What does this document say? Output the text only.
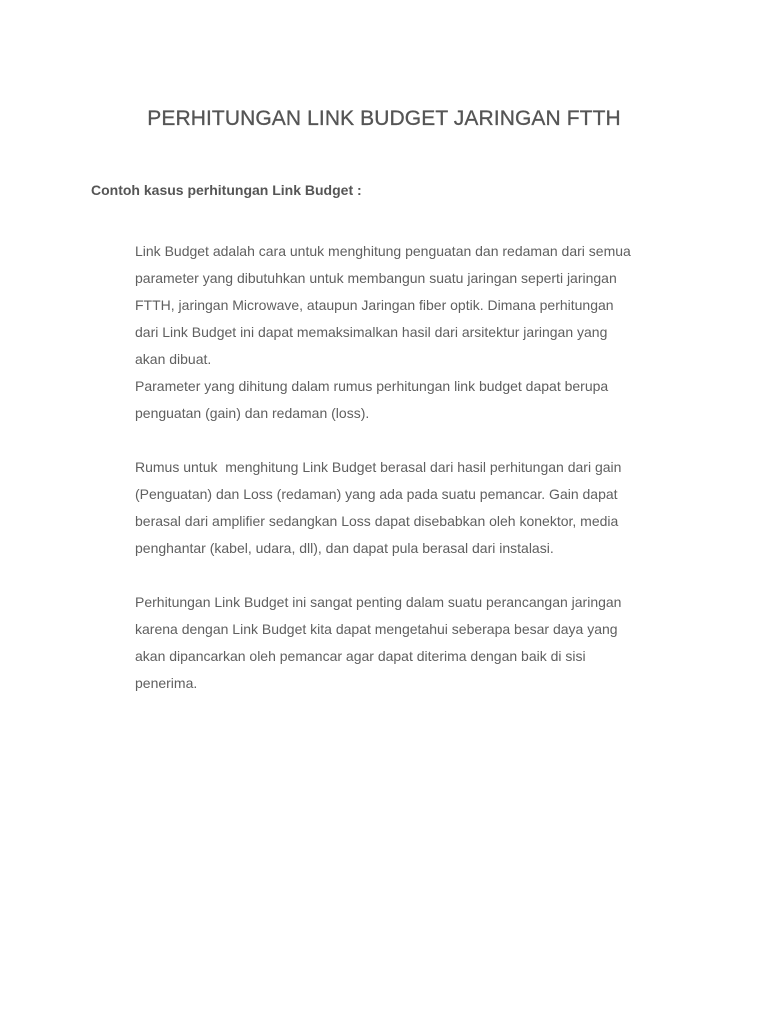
PERHITUNGAN LINK BUDGET JARINGAN FTTH

Contoh kasus perhitungan Link Budget :

Link Budget adalah cara untuk menghitung penguatan dan redaman dari semua

parameter yang dibutuhkan untuk membangun suatu jaringan seperti jaringan

FTTH, jaringan Microwave, ataupun Jaringan fiber optik. Dimana perhitungan

dari Link Budget ini dapat memaksimalkan hasil dari arsitektur jaringan yang

akan dibuat.

Parameter yang dihitung dalam rumus perhitungan link budget dapat berupa

penguatan (gain) dan redaman (loss).

Rumus untuk  menghitung Link Budget berasal dari hasil perhitungan dari gain

(Penguatan) dan Loss (redaman) yang ada pada suatu pemancar. Gain dapat

berasal dari amplifier sedangkan Loss dapat disebabkan oleh konektor, media

penghantar (kabel, udara, dll), dan dapat pula berasal dari instalasi.

Perhitungan Link Budget ini sangat penting dalam suatu perancangan jaringan

karena dengan Link Budget kita dapat mengetahui seberapa besar daya yang

akan dipancarkan oleh pemancar agar dapat diterima dengan baik di sisi

penerima.
